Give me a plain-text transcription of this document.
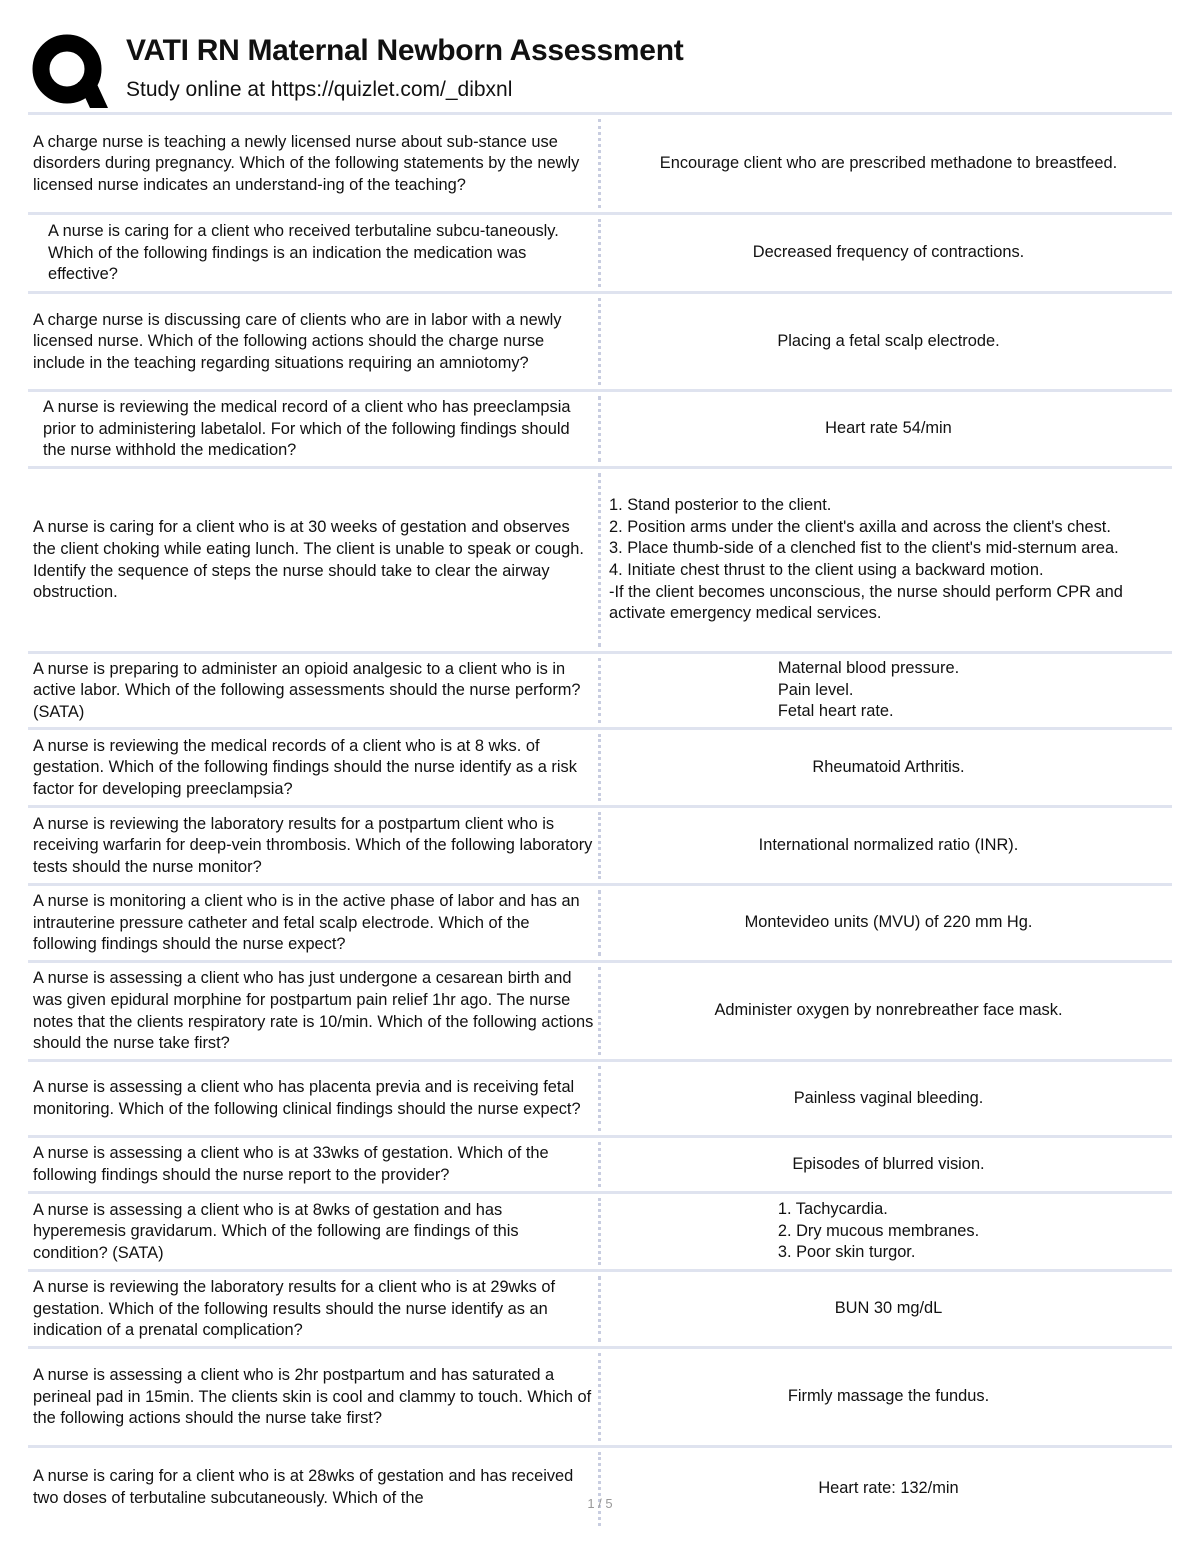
VATI RN Maternal Newborn Assessment
Study online at https://quizlet.com/_dibxnl
A charge nurse is teaching a newly licensed nurse about sub-stance use disorders during pregnancy. Which of the following statements by the newly licensed nurse indicates an understand-ing of the teaching?
Encourage client who are prescribed methadone to breastfeed.
A nurse is caring for a client who received terbutaline subcu-taneously. Which of the following findings is an indication the medication was effective?
Decreased frequency of contractions.
A charge nurse is discussing care of clients who are in labor with a newly licensed nurse. Which of the following actions should the charge nurse include in the teaching regarding situations requiring an amniotomy?
Placing a fetal scalp electrode.
A nurse is reviewing the medical record of a client who has preeclampsia prior to administering labetalol. For which of the following findings should the nurse withhold the medication?
Heart rate 54/min
A nurse is caring for a client who is at 30 weeks of gestation and observes the client choking while eating lunch. The client is unable to speak or cough. Identify the sequence of steps the nurse should take to clear the airway obstruction.
1. Stand posterior to the client.
2. Position arms under the client's axilla and across the client's chest.
3. Place thumb-side of a clenched fist to the client's mid-sternum area.
4. Initiate chest thrust to the client using a backward motion.
-If the client becomes unconscious, the nurse should perform CPR and activate emergency medical services.
A nurse is preparing to administer an opioid analgesic to a client who is in active labor. Which of the following assessments should the nurse perform? (SATA)
Maternal blood pressure.
Pain level.
Fetal heart rate.
A nurse is reviewing the medical records of a client who is at 8 wks. of gestation. Which of the following findings should the nurse identify as a risk factor for developing preeclampsia?
Rheumatoid Arthritis.
A nurse is reviewing the laboratory results for a postpartum client who is receiving warfarin for deep-vein thrombosis. Which of the following laboratory tests should the nurse monitor?
International normalized ratio (INR).
A nurse is monitoring a client who is in the active phase of labor and has an intrauterine pressure catheter and fetal scalp electrode. Which of the following findings should the nurse expect?
Montevideo units (MVU) of 220 mm Hg.
A nurse is assessing a client who has just undergone a cesarean birth and was given epidural morphine for postpartum pain relief 1hr ago. The nurse notes that the clients respiratory rate is 10/min. Which of the following actions should the nurse take first?
Administer oxygen by nonrebreather face mask.
A nurse is assessing a client who has placenta previa and is receiving fetal monitoring. Which of the following clinical findings should the nurse expect?
Painless vaginal bleeding.
A nurse is assessing a client who is at 33wks of gestation. Which of the following findings should the nurse report to the provider?
Episodes of blurred vision.
A nurse is assessing a client who is at 8wks of gestation and has hyperemesis gravidarum. Which of the following are findings of this condition? (SATA)
1. Tachycardia.
2. Dry mucous membranes.
3. Poor skin turgor.
A nurse is reviewing the laboratory results for a client who is at 29wks of gestation. Which of the following results should the nurse identify as an indication of a prenatal complication?
BUN 30 mg/dL
A nurse is assessing a client who is 2hr postpartum and has saturated a perineal pad in 15min. The clients skin is cool and clammy to touch. Which of the following actions should the nurse take first?
Firmly massage the fundus.
A nurse is caring for a client who is at 28wks of gestation and has received two doses of terbutaline subcutaneously. Which of the
Heart rate: 132/min
1 / 5
